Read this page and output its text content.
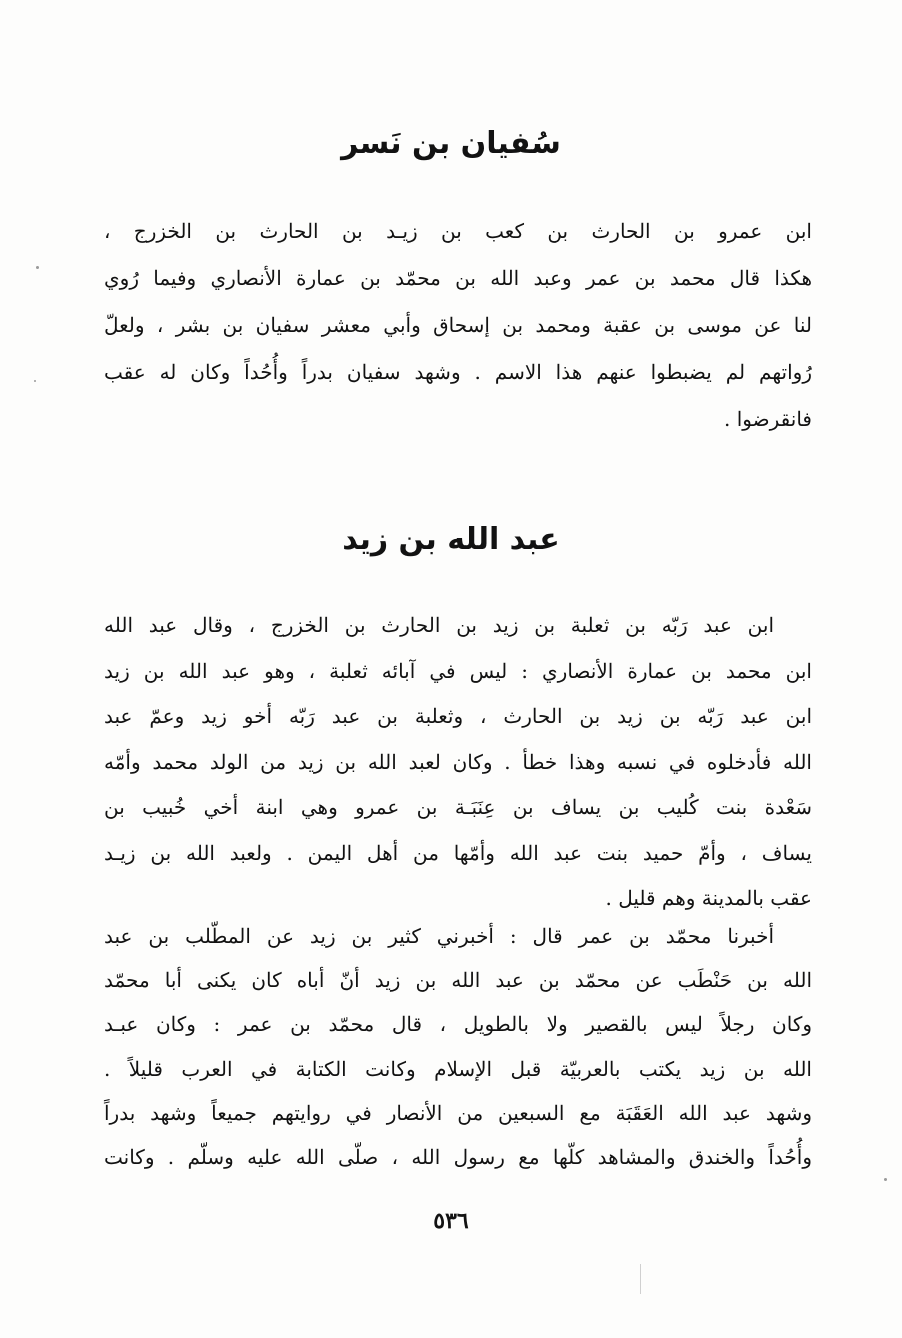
سُفيان بن نَسر
ابن عمرو بن الحارث بن كعب بن زيـد بن الحارث بن الخزرج ،
هكذا قال محمد بن عمر وعبد الله بن محمّد بن عمارة الأنصاري وفيما رُوي
لنا عن موسى بن عقبة ومحمد بن إسحاق وأبي معشر سفيان بن بشر ، ولعلّ
رُواتهم لم يضبطوا عنهم هذا الاسم . وشهد سفيان بدراً وأُحُداً وكان له عقب
فانقرضوا .
عبد الله بن زيد
ابن عبد رَبّه بن ثعلبة بن زيد بن الحارث بن الخزرج ، وقال عبد الله
ابن محمد بن عمارة الأنصاري : ليس في آبائه ثعلبة ، وهو عبد الله بن زيد
ابن عبد رَبّه بن زيد بن الحارث ، وثعلبة بن عبد رَبّه أخو زيد وعمّ عبد
الله فأدخلوه في نسبه وهذا خطأ . وكان لعبد الله بن زيد من الولد محمد وأمّه
سَعْدة بنت كُليب بن يساف بن عِنَبَـة بن عمرو وهي ابنة أخي خُبيب بن
يساف ، وأمّ حميد بنت عبد الله وأمّها من أهل اليمن . ولعبد الله بن زيـد
عقب بالمدينة وهم قليل .
أخبرنا محمّد بن عمر قال : أخبرني كثير بن زيد عن المطّلب بن عبد
الله بن حَنْطَب عن محمّد بن عبد الله بن زيد أنّ أباه كان يكنى أبا محمّد
وكان رجلاً ليس بالقصير ولا بالطويل ، قال محمّد بن عمر : وكان عبـد
الله بن زيد يكتب بالعربيّة قبل الإسلام وكانت الكتابة في العرب قليلاً .
وشهد عبد الله العَقَبَة مع السبعين من الأنصار في روايتهم جميعاً وشهد بدراً
وأُحُداً والخندق والمشاهد كلّها مع رسول الله ، صلّى الله عليه وسلّم . وكانت
٥٣٦
